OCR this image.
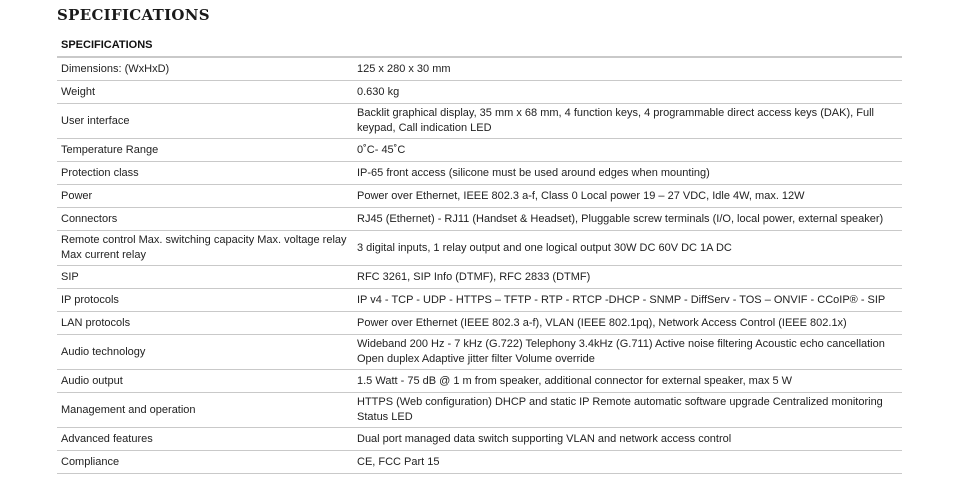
SPECIFICATIONS
SPECIFICATIONS	
Dimensions: (WxHxD)	125 x 280 x 30 mm
Weight	0.630 kg
User interface	Backlit graphical display, 35 mm x 68 mm, 4 function keys, 4 programmable direct access keys (DAK), Full keypad, Call indication LED
Temperature Range	0˚C- 45˚C
Protection class	IP-65 front access (silicone must be used around edges when mounting)
Power	Power over Ethernet, IEEE 802.3 a-f, Class 0 Local power 19 – 27 VDC, Idle 4W, max. 12W
Connectors	RJ45 (Ethernet) - RJ11 (Handset & Headset), Pluggable screw terminals (I/O, local power, external speaker)
Remote control Max. switching capacity Max. voltage relay Max current relay	3 digital inputs, 1 relay output and one logical output 30W DC 60V DC 1A DC
SIP	RFC 3261, SIP Info (DTMF), RFC 2833 (DTMF)
IP protocols	IP v4 - TCP - UDP - HTTPS – TFTP - RTP - RTCP -DHCP - SNMP - DiffServ - TOS – ONVIF - CCoIP® - SIP
LAN protocols	Power over Ethernet (IEEE 802.3 a-f), VLAN (IEEE 802.1pq), Network Access Control (IEEE 802.1x)
Audio technology	Wideband 200 Hz - 7 kHz (G.722) Telephony 3.4kHz (G.711) Active noise filtering Acoustic echo cancellation Open duplex Adaptive jitter filter Volume override
Audio output	1.5 Watt - 75 dB @ 1 m from speaker, additional connector for external speaker, max 5 W
Management and operation	HTTPS (Web configuration) DHCP and static IP Remote automatic software upgrade Centralized monitoring Status LED
Advanced features	Dual port managed data switch supporting VLAN and network access control
Compliance	CE, FCC Part 15
